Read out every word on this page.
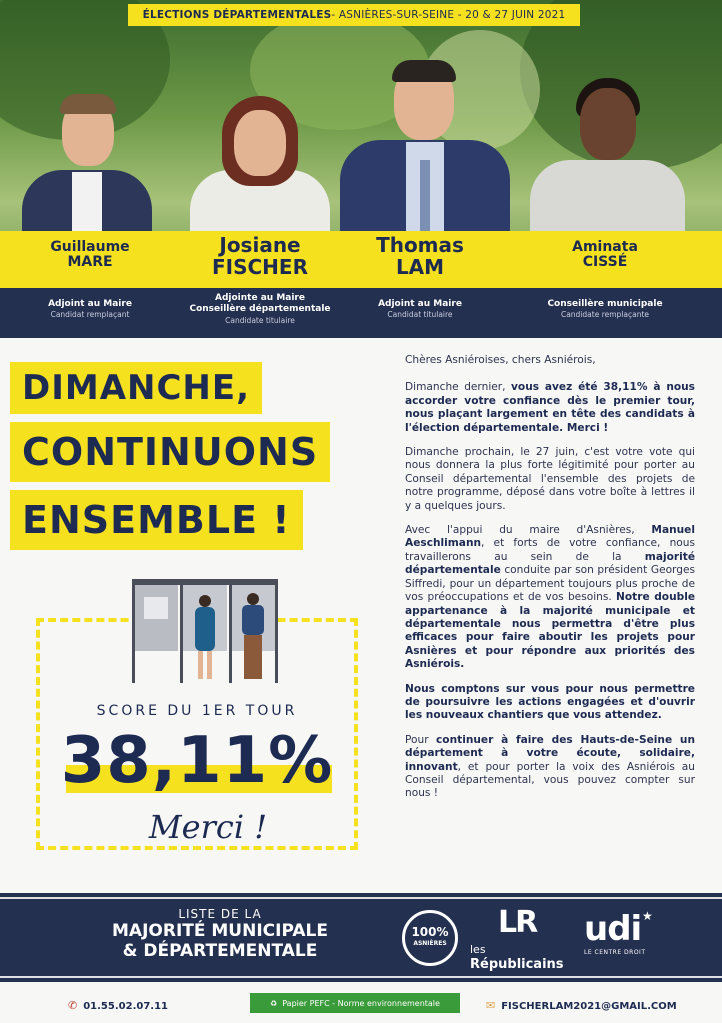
ÉLECTIONS DÉPARTEMENTALES - ASNIÈRES-SUR-SEINE - 20 & 27 JUIN 2021
Guillaume
MARE
Josiane
FISCHER
Thomas
LAM
Aminata
CISSÉ
Adjoint au Maire
Candidat remplaçant
Adjointe au Maire
Conseillère départementale
Candidate titulaire
Adjoint au Maire
Candidat titulaire
Conseillère municipale
Candidate remplaçante
DIMANCHE,
CONTINUONS
ENSEMBLE !
SCORE DU 1ER TOUR
38,11%
Merci !

Chères Asniéroises, chers Asniérois,

Dimanche dernier, vous avez été 38,11% à nous accorder votre confiance dès le premier tour, nous plaçant largement en tête des candidats à l'élection départementale. Merci !

Dimanche prochain, le 27 juin, c'est votre vote qui nous donnera la plus forte légitimité pour porter au Conseil départemental l'ensemble des projets de notre programme, déposé dans votre boîte à lettres il y a quelques jours.

Avec l'appui du maire d'Asnières, Manuel Aeschlimann, et forts de votre confiance, nous travaillerons au sein de la majorité départementale conduite par son président Georges Siffredi, pour un département toujours plus proche de vos préoccupations et de vos besoins. Notre double appartenance à la majorité municipale et départementale nous permettra d'être plus efficaces pour faire aboutir les projets pour Asnières et pour répondre aux priorités des Asniérois.

Nous comptons sur vous pour nous permettre de poursuivre les actions engagées et d'ouvrir les nouveaux chantiers que vous attendez.

Pour continuer à faire des Hauts-de-Seine un département à votre écoute, solidaire, innovant, et pour porter la voix des Asniérois au Conseil départemental, vous pouvez compter sur nous !

LISTE DE LA
MAJORITÉ MUNICIPALE
& DÉPARTEMENTALE
100%
ASNIÈRES
LR
les
Républicains
udi ★
LE CENTRE DROIT
✆ 01.55.02.07.11	♻ Papier PEFC - Norme environnementale	✉ FISCHERLAM2021@GMAIL.COM
